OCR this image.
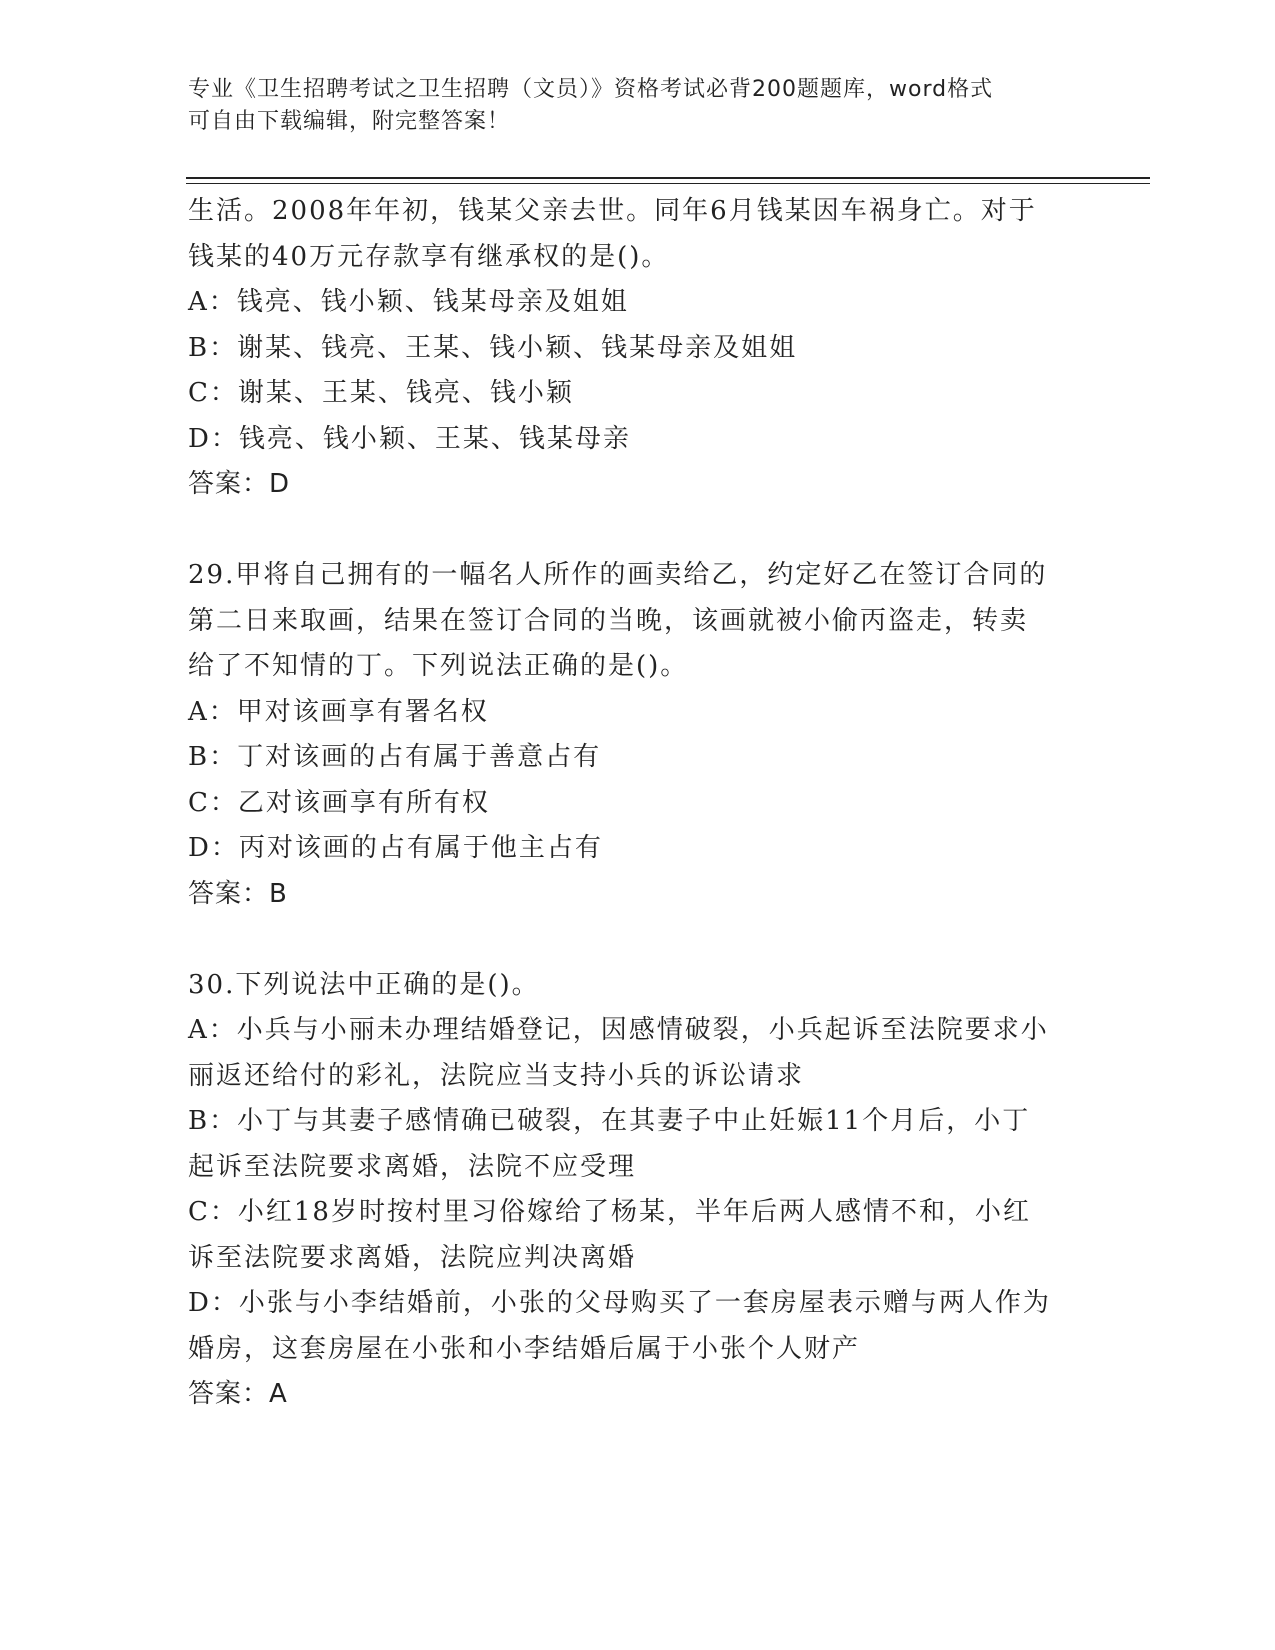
专业《卫生招聘考试之卫生招聘（文员）》资格考试必背200题题库，word格式
可自由下载编辑，附完整答案！

生活。2008年年初，钱某父亲去世。同年6月钱某因车祸身亡。对于

钱某的40万元存款享有继承权的是()。

A：钱亮、钱小颖、钱某母亲及姐姐

B：谢某、钱亮、王某、钱小颖、钱某母亲及姐姐

C：谢某、王某、钱亮、钱小颖

D：钱亮、钱小颖、王某、钱某母亲

答案：D

29.甲将自己拥有的一幅名人所作的画卖给乙，约定好乙在签订合同的

第二日来取画，结果在签订合同的当晚，该画就被小偷丙盗走，转卖

给了不知情的丁。下列说法正确的是()。

A：甲对该画享有署名权

B：丁对该画的占有属于善意占有

C：乙对该画享有所有权

D：丙对该画的占有属于他主占有

答案：B

30.下列说法中正确的是()。

A：小兵与小丽未办理结婚登记，因感情破裂，小兵起诉至法院要求小

丽返还给付的彩礼，法院应当支持小兵的诉讼请求

B：小丁与其妻子感情确已破裂，在其妻子中止妊娠11个月后，小丁

起诉至法院要求离婚，法院不应受理

C：小红18岁时按村里习俗嫁给了杨某，半年后两人感情不和，小红

诉至法院要求离婚，法院应判决离婚

D：小张与小李结婚前，小张的父母购买了一套房屋表示赠与两人作为

婚房，这套房屋在小张和小李结婚后属于小张个人财产

答案：A
